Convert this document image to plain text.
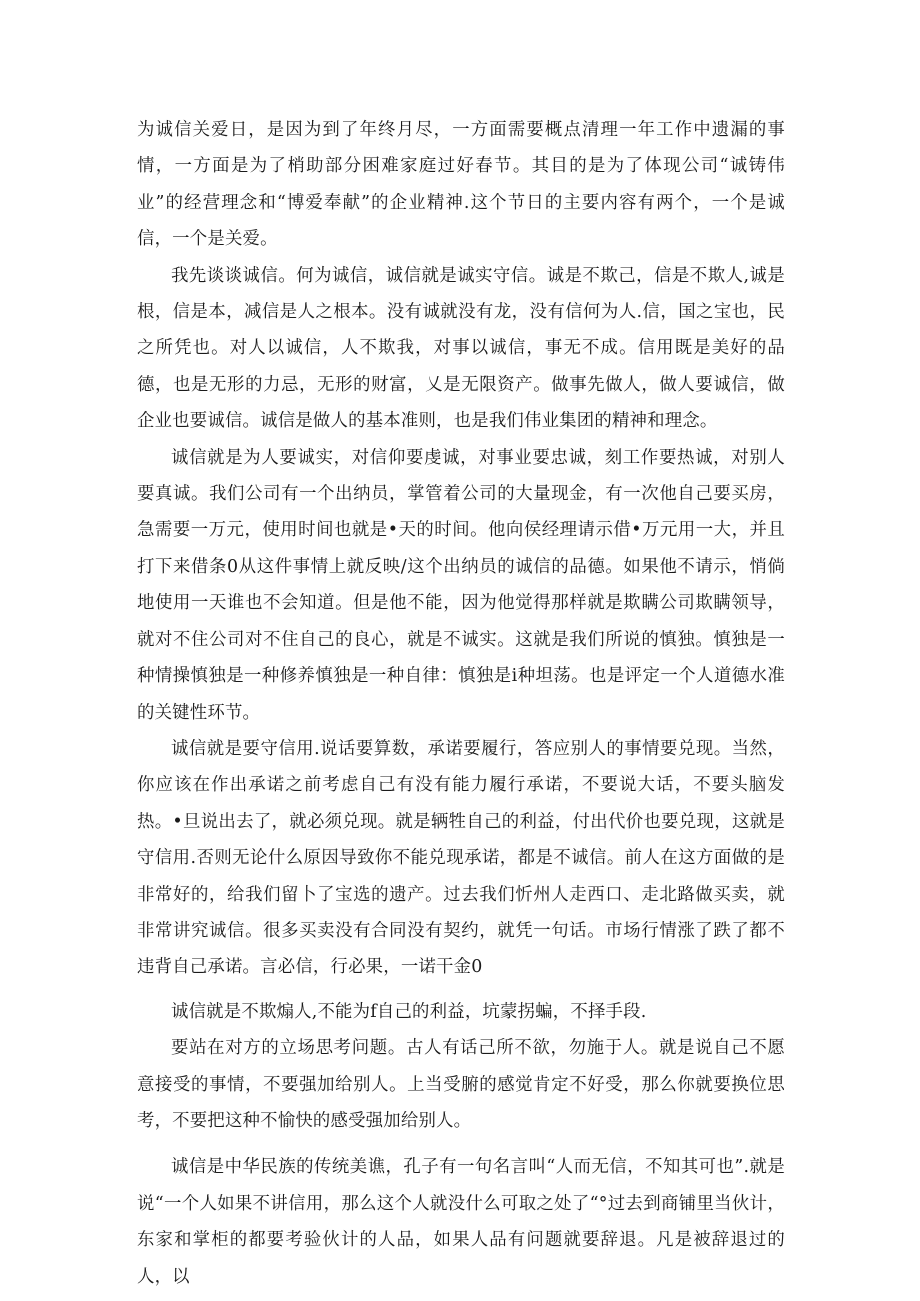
为诚信关爱日，是因为到了年终月尽，一方面需要概点清理一年工作中遗漏的事情，一方面是为了梢助部分困难家庭过好春节。其目的是为了体现公司“诚铸伟业”的经营理念和“博爱奉献”的企业精神.这个节日的主要内容有两个，一个是诚信，一个是关爱。

我先谈谈诚信。何为诚信，诚信就是诚实守信。诚是不欺己，信是不欺人,诚是根，信是本，减信是人之根本。没有诚就没有龙，没有信何为人.信，国之宝也，民之所凭也。对人以诚信，人不欺我，对事以诚信，事无不成。信用既是美好的品德，也是无形的力忌，无形的财富，乂是无限资产。做事先做人，做人要诚信，做企业也要诚信。诚信是做人的基本准则，也是我们伟业集团的精神和理念。

诚信就是为人要诚实，对信仰要虔诚，对事业要忠诚，刻工作要热诚，对别人要真诚。我们公司有一个出纳员，掌管着公司的大量现金，有一次他自己要买房，急需要一万元，使用时间也就是•天的时间。他向侯经理请示借•万元用一大，并且打下来借条0从这件事情上就反映/这个出纳员的诚信的品德。如果他不请示，悄倘地使用一天谁也不会知道。但是他不能，因为他觉得那样就是欺瞒公司欺瞒领导，就对不住公司对不住自己的良心，就是不诚实。这就是我们所说的慎独。慎独是一种情操慎独是一种修养慎独是一种自律：慎独是i种坦荡。也是评定一个人道德水准的关键性环节。

诚信就是要守信用.说话要算数，承诺要履行，答应别人的事情要兑现。当然，你应该在作出承诺之前考虑自己有没有能力履行承诺，不要说大话，不要头脑发热。•旦说出去了，就必须兑现。就是辆牲自己的利益，付出代价也要兑现，这就是守信用.否则无论什么原因导致你不能兑现承诺，都是不诚信。前人在这方面做的是非常好的，给我们留卜了宝选的遗产。过去我们忻州人走西口、走北路做买卖，就非常讲究诚信。很多买卖没有合同没有契约，就凭一句话。市场行情涨了跌了都不违背自己承诺。言必信，行必果，一诺干金0

诚信就是不欺煽人,不能为f自己的利益，坑蒙拐蝙，不择手段.

要站在对方的立场思考问题。古人有话己所不欲，勿施于人。就是说自己不愿意接受的事情，不要强加给别人。上当受腑的感觉肯定不好受，那么你就要换位思考，不要把这种不愉快的感受强加给别人。

诚信是中华民族的传统美谯，孔子有一句名言叫“人而无信，不知其可也”.就是说“一个人如果不讲信用，那么这个人就没什么可取之处了“°过去到商铺里当伙计，东家和掌柜的都要考验伙计的人品，如果人品有问题就要辞退。凡是被辞退过的人，以
